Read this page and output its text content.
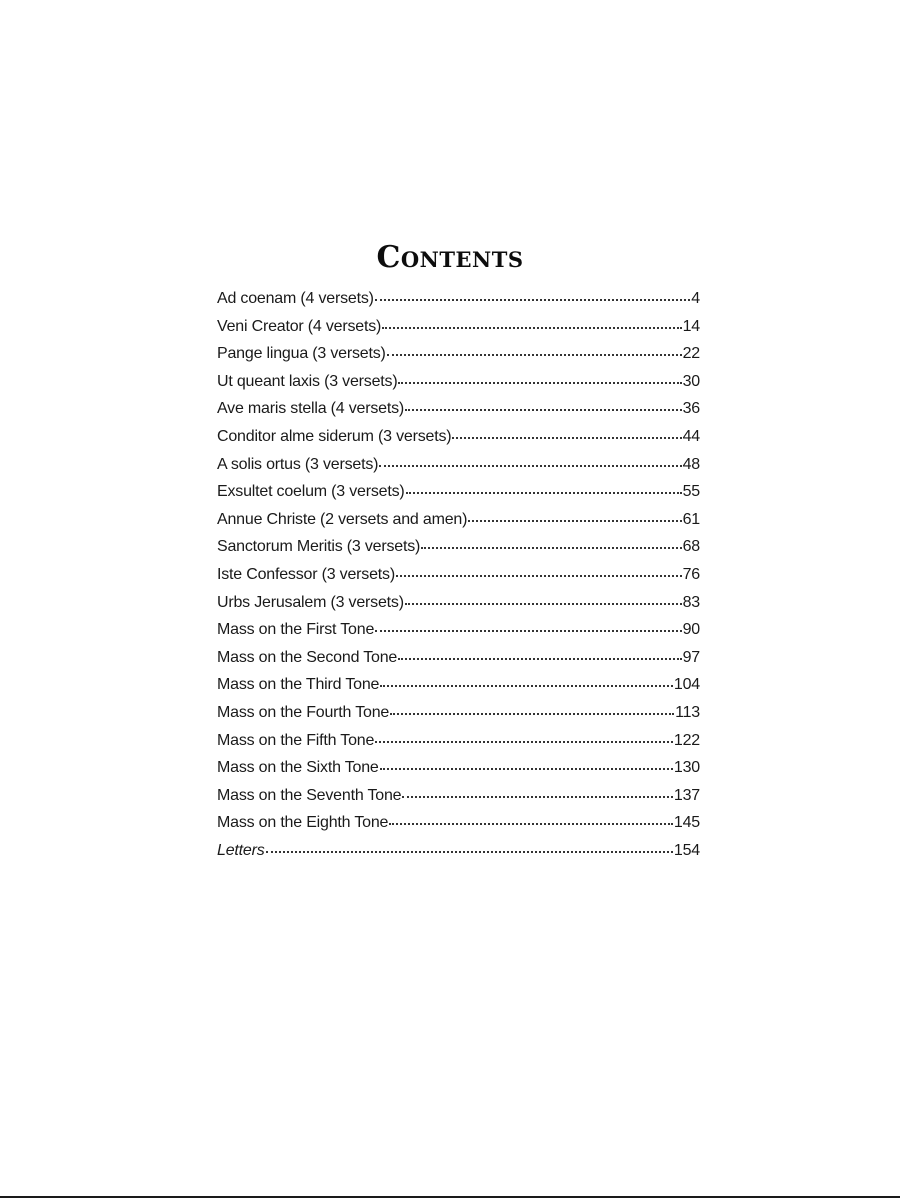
Contents
Ad coenam (4 versets)	4
Veni Creator (4 versets)	14
Pange lingua (3 versets)	22
Ut queant laxis (3 versets)	30
Ave maris stella (4 versets)	36
Conditor alme siderum (3 versets)	44
A solis ortus (3 versets)	48
Exsultet coelum (3 versets)	55
Annue Christe (2 versets and amen)	61
Sanctorum Meritis (3 versets)	68
Iste Confessor (3 versets)	76
Urbs Jerusalem (3 versets)	83
Mass on the First Tone	90
Mass on the Second Tone	97
Mass on the Third Tone	104
Mass on the Fourth Tone	113
Mass on the Fifth Tone	122
Mass on the Sixth Tone	130
Mass on the Seventh Tone	137
Mass on the Eighth Tone	145
Letters	154
